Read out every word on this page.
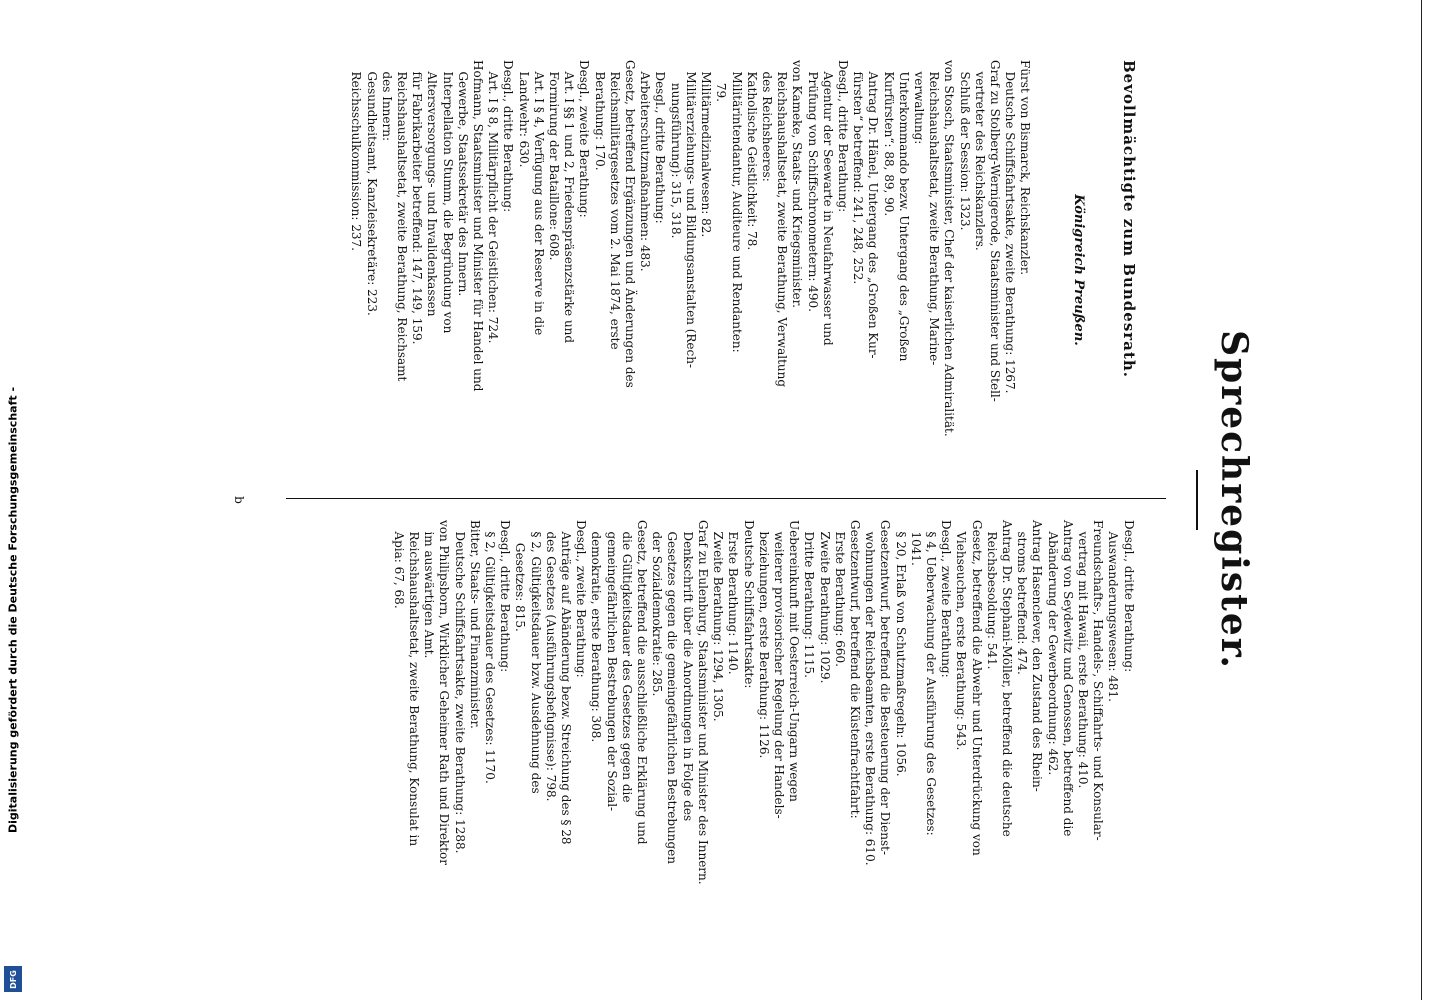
Digitalisierung gefördert durch die Deutsche Forschungsgemeinschaft -
DFG
Sprechregister.

Bevollmächtigte zum Bundesrath.

Königreich Preußen.

Fürst von Bismarck, Reichskanzler.
Deutsche Schiffsfahrtsakte, zweite Berathung: 1267.
Graf zu Stolberg-Wernigerode, Staatsminister und Stell-
vertreter des Reichskanzlers.
Schluß der Session: 1323.
von Stosch, Staatsminister, Chef der kaiserlichen Admiralität.
Reichshaushaltsetat, zweite Berathung, Marine-
verwaltung:
Unterkommando bezw. Untergang des „Großen
Kurfürsten“: 88, 89, 90.
Antrag Dr. Hänel, Untergang des „Großen Kur-
fürsten“ betreffend: 241, 248, 252.
Desgl., dritte Berathung:
Agentur der Seewarte in Neufahrwasser und
Prüfung von Schiffschronometern: 490.
von Kameke, Staats- und Kriegsminister.
Reichshaushaltsetat, zweite Berathung, Verwaltung
des Reichsheeres:
Katholische Geistlichkeit: 78.
Militärintendantur, Auditeure und Rendanten:
79.
Militärmedizinalwesen: 82.
Militärerziehungs- und Bildungsanstalten (Rech-
nungsführung): 315, 318.
Desgl., dritte Berathung:
Arbeiterschutzmaßnahmen: 483.
Gesetz, betreffend Ergänzungen und Änderungen des
Reichsmilitärgesetzes vom 2. Mai 1874, erste
Berathung: 170.
Desgl., zweite Berathung:
Art. I §§ 1 und 2, Friedenspräsenzstärke und
Formirung der Bataillone: 608.
Art. I § 4, Verfügung aus der Reserve in die
Landwehr: 630.
Desgl., dritte Berathung:
Art. I § 8, Militärpflicht der Geistlichen: 724.
Hofmann, Staatsminister und Minister für Handel und
Gewerbe, Staatssekretär des Innern.
Interpellation Stumm, die Begründung von
Altersversorgungs- und Invalidenkassen
für Fabrikarbeiter betreffend: 147, 149, 159.
Reichshaushaltsetat, zweite Berathung, Reichsamt
des Innern:
Gesundheitsamt, Kanzleisekretäre: 223.
Reichsschulkommission: 237.

Desgl., dritte Berathung:
Auswanderungswesen: 481.
Freundschafts-, Handels-, Schiffahrts- und Konsular-
vertrag mit Hawaii, erste Berathung: 410.
Antrag von Seydewitz und Genossen, betreffend die
Abänderung der Gewerbeordnung: 462.
Antrag Hasenclever, den Zustand des Rhein-
stroms betreffend: 474.
Antrag Dr. Stephani-Möller, betreffend die deutsche
Reichsbesoldung: 541.
Gesetz, betreffend die Abwehr und Unterdrückung von
Viehseuchen, erste Berathung: 543.
Desgl., zweite Berathung:
§ 4, Ueberwachung der Ausführung des Gesetzes:
1041.
§ 20, Erlaß von Schutzmaßregeln: 1056.
Gesetzentwurf, betreffend die Besteuerung der Dienst-
wohnungen der Reichsbeamten, erste Berathung: 610.
Gesetzentwurf, betreffend die Küstenfrachtfahrt:
Erste Berathung: 660.
Zweite Berathung: 1029.
Dritte Berathung: 1115.
Uebereinkunft mit Oesterreich-Ungarn wegen
weiterer provisorischer Regelung der Handels-
beziehungen, erste Berathung: 1126.
Deutsche Schiffsfahrtsakte:
Erste Berathung: 1140.
Zweite Berathung: 1294, 1305.
Graf zu Eulenburg, Staatsminister und Minister des Innern.
Denkschrift über die Anordnungen in Folge des
Gesetzes gegen die gemeingefährlichen Bestrebungen
der Sozialdemokratie: 285.
Gesetz, betreffend die ausschließliche Erklärung und
die Gültigkeitsdauer des Gesetzes gegen die
gemeingefährlichen Bestrebungen der Sozial-
demokratie, erste Berathung: 308.
Desgl., zweite Berathung:
Anträge auf Abänderung bezw. Streichung des § 28
des Gesetzes (Ausführungsbefugnisse): 798.
§ 2, Gültigkeitsdauer bzw. Ausdehnung des
Gesetzes: 815.
Desgl., dritte Berathung:
§ 2, Gültigkeitsdauer des Gesetzes: 1170.
Bitter, Staats- und Finanzminister.
Deutsche Schiffsfahrtsakte, zweite Berathung: 1288.
von Philipsborn, Wirklicher Geheimer Rath und Direktor
im auswärtigen Amt.
Reichshaushaltsetat, zweite Berathung, Konsulat in
Apia: 67, 68.

b
